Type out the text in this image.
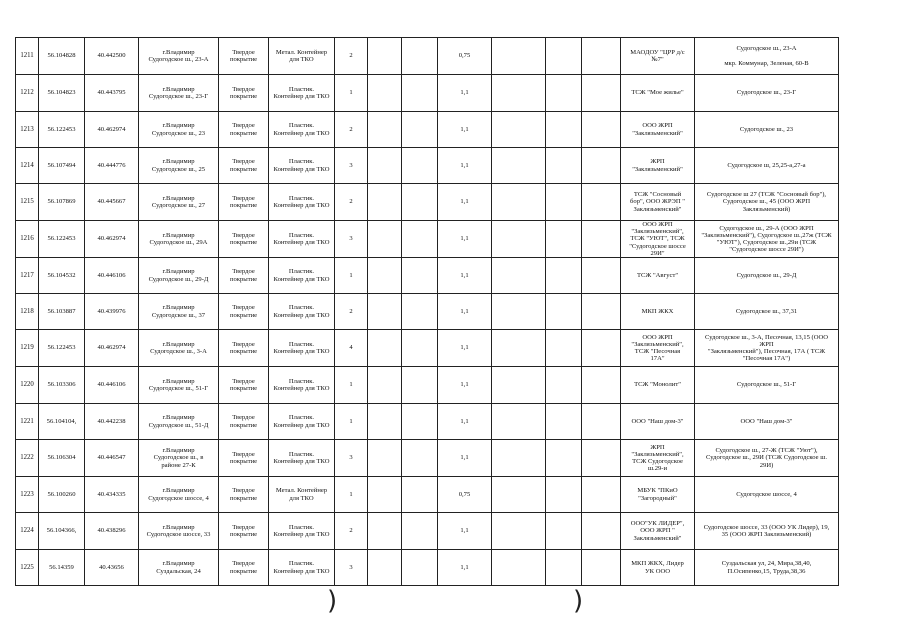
1211	56.104828	40.442500	г.Владимир
Судогодское ш., 23-А	Твердое
покрытие	Метал. Контейнер
для ТКО	2			0,75				МАОДОУ "ЦРР д/с
№7"	Судогодское ш., 23-А

мкр. Коммунар, Зеленая, 60-В
1212	56.104823	40.443795	г.Владимир
Судогодское ш., 23-Г	Твердое
покрытие	Пластик.
Контейнер для ТКО	1			1,1				ТСЖ "Мое жилье"	Судогодское ш., 23-Г
1213	56.122453	40.462974	г.Владимир
Судогодское ш., 23	Твердое
покрытие	Пластик.
Контейнер для ТКО	2			1,1				ООО ЖРП
"Заклязьменский"	Судогодское ш., 23
1214	56.107494	40.444776	г.Владимир
Судогодское ш., 25	Твердое
покрытие	Пластик.
Контейнер для ТКО	3			1,1				ЖРП
"Заклязьменский"	Судогодское ш, 25,25-а,27-а
1215	56.107869	40.445667	г.Владимир
Судогодское ш., 27	Твердое
покрытие	Пластик.
Контейнер для ТКО	2			1,1				ТСЖ "Сосновый
бор", ООО ЖРЭП "
Заклязьменский"	Судогодское ш 27 (ТСЖ "Сосновый бор"),
Судогодское ш., 45 (ООО ЖРП
Заклязьменский)
1216	56.122453	40.462974	г.Владимир
Судогодское ш., 29А	Твердое
покрытие	Пластик.
Контейнер для ТКО	3			1,1				ООО ЖРП
"Заклязьменский",
ТСЖ "УЮТ", ТСЖ
"Судогодское шоссе
29И"	Судогодское ш., 29-А (ООО ЖРП
"Заклязьменский"), Судогодское ш.,27ж (ТСЖ
"УЮТ"), Судогодское ш.,29и (ТСЖ
"Судогодское шоссе 29И")
1217	56.104532	40.446106	г.Владимир
Судогодское ш., 29-Д	Твердое
покрытие	Пластик.
Контейнер для ТКО	1			1,1				ТСЖ "Август"	Судогодское ш., 29-Д
1218	56.103887	40.439976	г.Владимир
Судогодское ш., 37	Твердое
покрытие	Пластик.
Контейнер для ТКО	2			1,1				МКП ЖКХ	Судогодское ш., 37,31
1219	56.122453	40.462974	г.Владимир
Судогодское ш., 3-А	Твердое
покрытие	Пластик.
Контейнер для ТКО	4			1,1				ООО ЖРП
"Заклязьменский",
ТСЖ "Песочная
17А"	Судогодское ш., 3-А, Песочная, 13,15 (ООО
ЖРП
"Заклязьменский"), Песочная, 17А ( ТСЖ
"Песочная 17А")
1220	56.103306	40.446106	г.Владимир
Судогодское ш., 51-Г	Твердое
покрытие	Пластик.
Контейнер для ТКО	1			1,1				ТСЖ "Монолит"	Судогодское ш., 51-Г
1221	56.104104,	40.442238	г.Владимир
Судогодское ш., 51-Д	Твердое
покрытие	Пластик.
Контейнер для ТКО	1			1,1				ООО "Наш дом-3"	ООО "Наш дом-3"
1222	56.106304	40.446547	г.Владимир
Судогодское ш., в
районе 27-К	Твердое
покрытие	Пластик.
Контейнер для ТКО	3			1,1				ЖРП
"Заклязьменский",
ТСЖ Судогодское
ш.29-и	Судогодское ш., 27-Ж (ТСЖ "Уют"),
Судогодское ш., 29И (ТСЖ Судогодское ш.
29И)
1223	56.100260	40.434335	г.Владимир
Судогодское шоссе, 4	Твердое
покрытие	Метал. Контейнер
для ТКО	1			0,75				МБУК "ПКиО
"Загородный"	Судогодское шоссе, 4
1224	56.104366,	40.438296	г.Владимир
Судогодское шоссе, 33	Твердое
покрытие	Пластик.
Контейнер для ТКО	2			1,1				ООО"УК ЛИДЕР",
ООО ЖРП "
Заклязьменский"	Судогодское шоссе, 33 (ООО УК Лидер), 19,
35 (ООО ЖРП Заклязьменский)
1225	56.14359	40.43656	г.Владимир
Суздальская, 24	Твердое
покрытие	Пластик.
Контейнер для ТКО	3			1,1				МКП ЖКХ, Лидер
УК ООО	Суздальская ул, 24, Мира,38,40,
П.Осипенко,15, Труда,38,36
)	)
